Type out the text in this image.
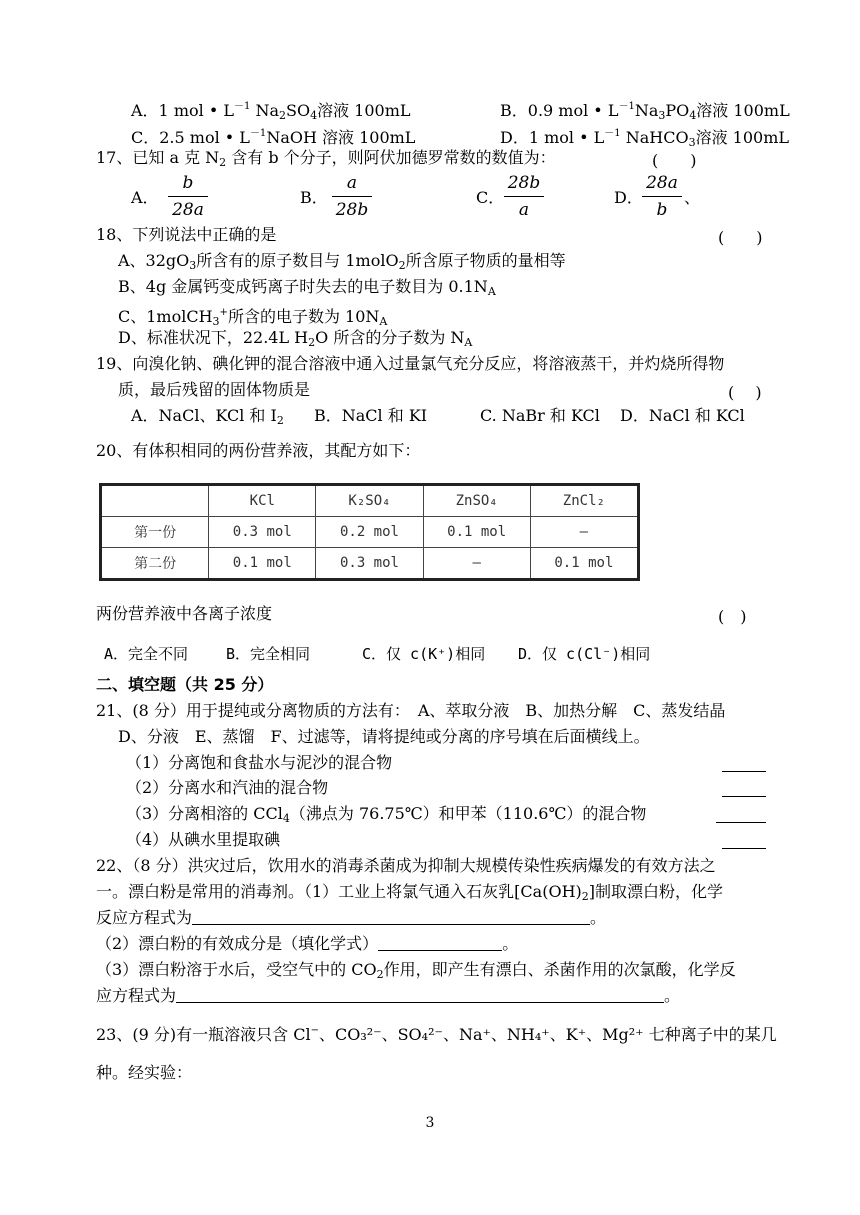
A．1 mol • $L^{-1}$ $Na_2SO_4$溶液 100mL	B．0.9 mol • $L^{-1}Na_3PO_4$溶液 100mL
C．2.5 mol • $L^{-1}NaOH$ 溶液 100mL	D．1 mol • $L^{-1}$ NaHCO$_3$溶液 100mL
17、已知 a 克 $N_2$ 含有 b 个分子，则阿伏加德罗常数的数值为：	(　　)
A．
b
28a
B．
a
28b
C．
28b
a
D．
28a
b
、
18、下列说法中正确的是	(　　)
A、$32gO_3$所含有的原子数目与 1molO$_2$所含原子物质的量相等
B、4g 金属钙变成钙离子时失去的电子数目为 $0.1N_A$
C、1molCH$_3$+所含的电子数为 $10N_A$
D、标准状况下，22.4L $H_2O$ 所含的分子数为 $N_A$
19、向溴化钠、碘化钾的混合溶液中通入过量氯气充分反应，将溶液蒸干，并灼烧所得物
质，最后残留的固体物质是	(　 )
A．NaCl、KCl 和 $I_2$ B．NaCl 和 KI	C. NaBr 和 KCl D．NaCl 和 KCl
20、有体积相同的两份营养液，其配方如下：
	KCl	K₂SO₄	ZnSO₄	ZnCl₂
第一份	0.3 mol	0.2 mol	0.1 mol	—
第二份	0.1 mol	0.3 mol	—	0.1 mol
两份营养液中各离子浓度	(　)
A．完全不同	B．完全相同	C．仅 c(K⁺)相同 D．仅 c(Cl⁻)相同
二、填空题（共 25 分）
21、(8 分）用于提纯或分离物质的方法有：　A、萃取分液　B、加热分解　C、蒸发结晶
D、分液　E、蒸馏　F、过滤等，请将提纯或分离的序号填在后面横线上。
（1）分离饱和食盐水与泥沙的混合物
（2）分离水和汽油的混合物
（3）分离相溶的 CCl$_4$（沸点为 76.75℃）和甲苯（110.6℃）的混合物
（4）从碘水里提取碘
22、（8 分）洪灾过后，饮用水的消毒杀菌成为抑制大规模传染性疾病爆发的有效方法之
一。漂白粉是常用的消毒剂。（1）工业上将氯气通入石灰乳$[Ca(OH)_2]$制取漂白粉，化学
反应方程式为	。
（2）漂白粉的有效成分是（填化学式）	。
（3）漂白粉溶于水后，受空气中的 $CO_2$作用，即产生有漂白、杀菌作用的次氯酸，化学反
应方程式为	。
23、(9 分)有一瓶溶液只含 Cl−、CO₃²⁻、SO₄²⁻、Na⁺、NH₄⁺、K⁺、Mg²⁺ 七种离子中的某几
种。经实验：
3
